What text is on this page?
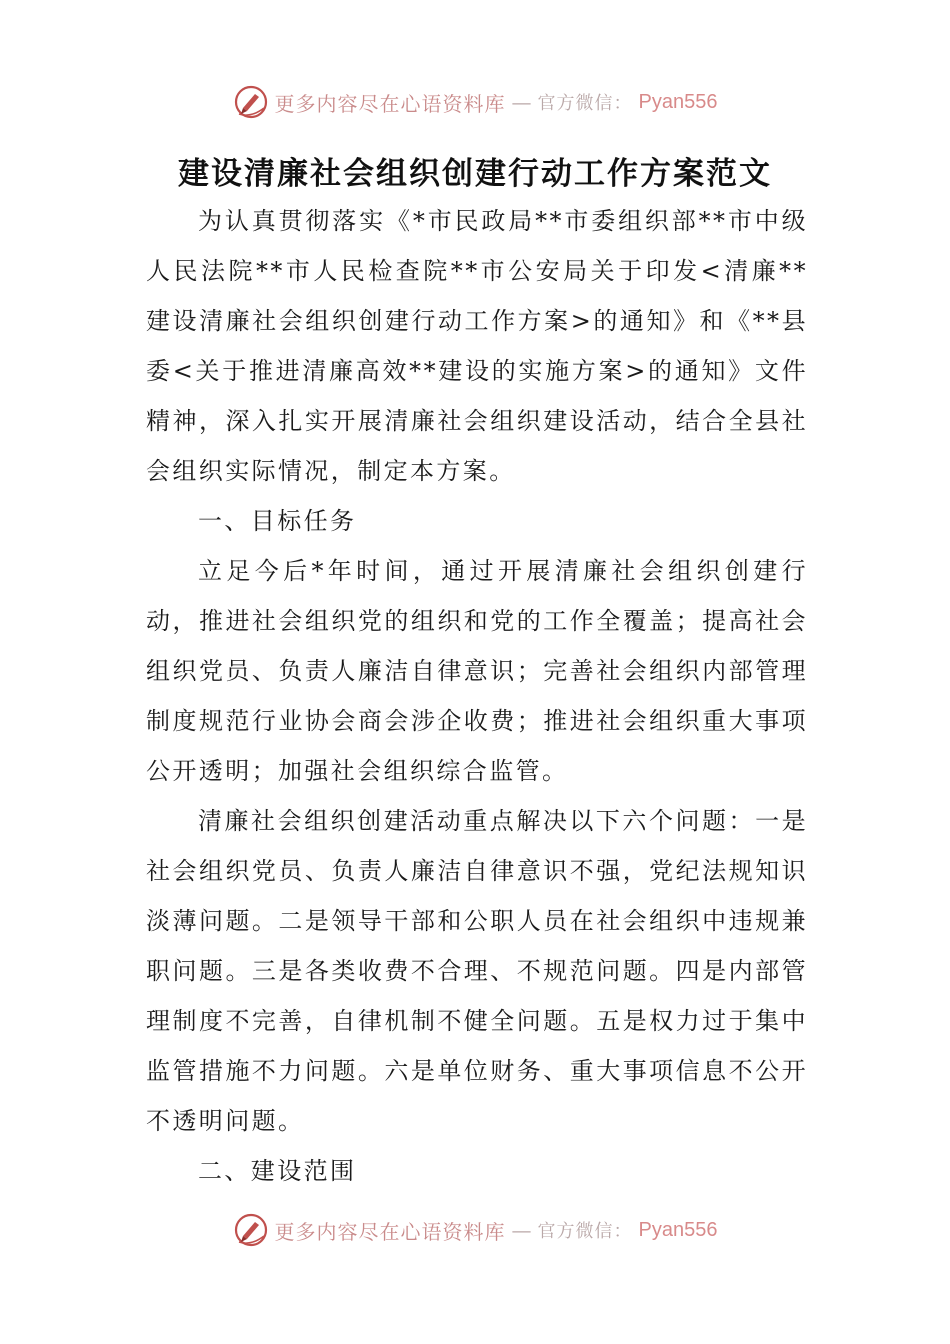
更多内容尽在心语资料库 — 官方微信： Pyan556
建设清廉社会组织创建行动工作方案范文

为认真贯彻落实《*市民政局**市委组织部**市中级人民法院**市人民检查院**市公安局关于印发<清廉**建设清廉社会组织创建行动工作方案>的通知》和《**县委<关于推进清廉高效**建设的实施方案>的通知》文件精神，深入扎实开展清廉社会组织建设活动，结合全县社会组织实际情况，制定本方案。

一、目标任务

立足今后*年时间，通过开展清廉社会组织创建行动，推进社会组织党的组织和党的工作全覆盖；提高社会组织党员、负责人廉洁自律意识；完善社会组织内部管理制度规范行业协会商会涉企收费；推进社会组织重大事项公开透明；加强社会组织综合监管。

清廉社会组织创建活动重点解决以下六个问题：一是社会组织党员、负责人廉洁自律意识不强，党纪法规知识淡薄问题。二是领导干部和公职人员在社会组织中违规兼职问题。三是各类收费不合理、不规范问题。四是内部管理制度不完善，自律机制不健全问题。五是权力过于集中监管措施不力问题。六是单位财务、重大事项信息不公开不透明问题。

二、建设范围

更多内容尽在心语资料库 — 官方微信： Pyan556
